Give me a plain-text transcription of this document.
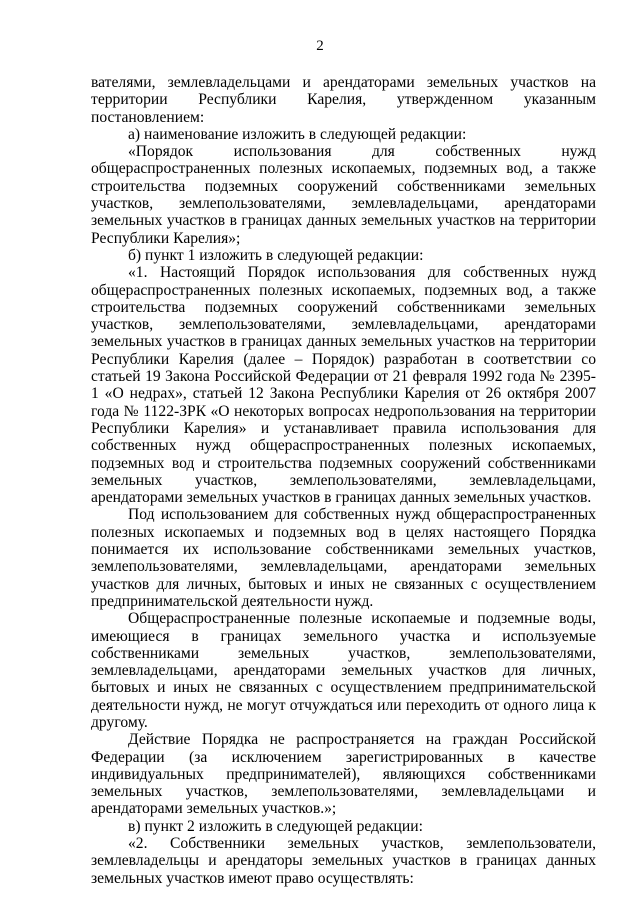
2

вателями, землевладельцами и арендаторами земельных участков на территории Республики Карелия, утвержденном указанным постановлением:

а) наименование изложить в следующей редакции:

«Порядок использования для собственных нужд общераспространенных полезных ископаемых, подземных вод, а также строительства подземных сооружений собственниками земельных участков, землепользователями, землевладельцами, арендаторами земельных участков в границах данных земельных участков на территории Республики Карелия»;

б) пункт 1 изложить в следующей редакции:

«1. Настоящий Порядок использования для собственных нужд общераспространенных полезных ископаемых, подземных вод, а также строительства подземных сооружений собственниками земельных участков, землепользователями, землевладельцами, арендаторами земельных участков в границах данных земельных участков на территории Республики Карелия (далее – Порядок) разработан в соответствии со статьей 19 Закона Российской Федерации от 21 февраля 1992 года № 2395-1 «О недрах», статьей 12 Закона Республики Карелия от 26 октября 2007 года № 1122-ЗРК «О некоторых вопросах недропользования на территории Республики Карелия» и устанавливает правила использования для собственных нужд общераспространенных полезных ископаемых, подземных вод и строительства подземных сооружений собственниками земельных участков, землепользователями, землевладельцами, арендаторами земельных участков в границах данных земельных участков.

Под использованием для собственных нужд общераспространенных полезных ископаемых и подземных вод в целях настоящего Порядка понимается их использование собственниками земельных участков, землепользователями, землевладельцами, арендаторами земельных участков для личных, бытовых и иных не связанных с осуществлением предпринимательской деятельности нужд.

Общераспространенные полезные ископаемые и подземные воды, имеющиеся в границах земельного участка и используемые собственниками земельных участков, землепользователями, землевладельцами, арендаторами земельных участков для личных, бытовых и иных не связанных с осуществлением предпринимательской деятельности нужд, не могут отчуждаться или переходить от одного лица к другому.

Действие Порядка не распространяется на граждан Российской Федерации (за исключением зарегистрированных в качестве индивидуальных предпринимателей), являющихся собственниками земельных участков, землепользователями, землевладельцами и арендаторами земельных участков.»;

в) пункт 2 изложить в следующей редакции:

«2. Собственники земельных участков, землепользователи, землевладельцы и арендаторы земельных участков в границах данных земельных участков имеют право осуществлять:
